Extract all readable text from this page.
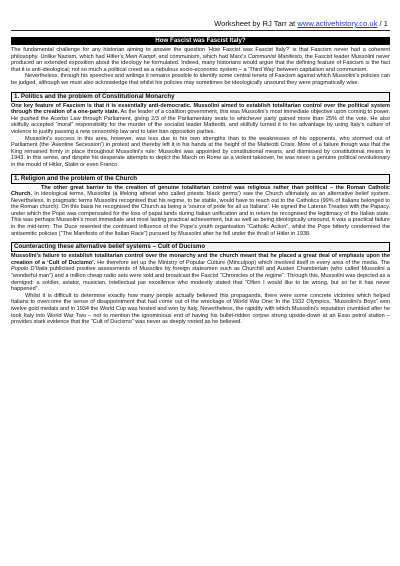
Worksheet by RJ Tarr at www.activehistory.co.uk / 1
How Fascist was Fascist Italy?

The fundamental challenge for any historian aiming to answer the question ‘How Fascist was Fascist Italy?’ is that Fascism never had a coherent philosophy. Unlike Nazism, which had Hitler’s Mein Kampf, and communism, which had Marx’s Communist Manifesto, the Fascist leader Mussolini never produced an extended exposition about the ideology he formulated. Indeed, many historians would argue that the defining feature of Fascism is the fact that it is anti-ideological; not so much a political creed as a nebulous socio-economic system – a ‘Third Way’ between capitalism and communism.

Nevertheless, through his speeches and writings it remains possible to identify some central tenets of Fascism against which Mussolini’s policies can be judged, although we must also acknowledge that whilst his policies may sometimes be ideologically unsound they were pragmatically wise.

1. Politics and the problem of Constitutional Monarchy

One key feature of Fascism is that it is essentially anti-democratic. Mussolini aimed to establish totalitarian control over the political system through the creation of a one-party state. As the leader of a coalition government, this was Mussolini’s most immediate objective upon coming to power. He pushed the Acerbo Law through Parliament, giving 2/3 of the Parliamentary seats to whichever party gained more than 25% of the vote. He also skilfully accepted “moral” responsibility for the murder of the socialist leader Matteotti, and skilfully turned it to his advantage by using Italy’s culture of violence to justify passing a new censorship law and to later ban opposition parties.

Mussolini’s success in this area, however, was less due to his own strengths than to the weaknesses of his opponents, who stormed out of Parliament (the ‘Aventine Secession’) in protest and thereby left it in his hands at the height of the Matteotti Crisis. More of a failure though was that the King remained firmly in place throughout Mussolini’s rule: Mussolini was appointed by constitutional means, and dismissed by constitutional means in 1943. In this sense, and despite his desperate attempts to depict the March on Rome as a violent takeover, he was never a genuine political revolutionary in the mould of Hitler, Stalin or even Franco.

1. Religion and the problem of the Church

The other great barrier to the creation of genuine totalitarian control was religious rather than political – the Roman Catholic Church. In ideological terms, Mussolini (a lifelong atheist who called priests ‘black germs’) saw the Church ultimately as an alternative belief system. Nevertheless, in pragmatic terms Mussolini recognised that his regime, to be stable, would have to reach out to the Catholics (99% of Italians belonged to the Roman church). On this basis he recognised the Church as being a ‘source of pride for all us Italians’. He signed the Lateran Treaties with the Papacy, under which the Pope was compensated for the loss of papal lands during Italian unification and in return he recognised the legitimacy of the Italian state. This was perhaps Mussolini’s most immediate and most lasting practical achievement, but as well as being ideologically unsound, it was a practical failure in the mid-term: The Duce resented the continued influence of the Pope’s youth organisation “Catholic Action”, whilst the Pope bitterly condemned the antisemitic policies (“The Manifesto of the Italian Race”) pursued by Mussolini after he fell under the thrall of Hitler in 1938.

Counteracting these alternative belief systems – Cult of Ducismo

Mussolini’s failure to establish totalitarian control over the monarchy and the church meant that he placed a great deal of emphasis upon the creation of a ‘Cult of Ducismo’. He therefore set up the Ministry of Popular Culture (Minculpop) which involved itself in every area of the media. The Popolo D’Italia publicised positive assessments of Mussolini by foreign statesmen such as Churchill and Austen Chamberlain (who called Mussolini a “wonderful man”) and a million cheap radio sets were sold and broadcast the Fascist “Chronicles of the regime”. Through this, Mussolini was depicted as a demigod: a soldier, aviator, musician, intellectual par excellence who modestly stated that “Often I would like to be wrong, but so far it has never happened”.

Whilst it is difficult to determine exactly how many people actually believed this propaganda, there were some concrete victories which helped Italians to overcome the sense of disappointment that had come out of the wreckage of World War One: In the 1932 Olympics, “Mussolini’s Boys” won twelve gold medals and in 1934 the World Cup was hosted and won by Italy. Nevertheless, the rapidity with which Mussolini’s reputation crumbled after he took Italy into World War Two – not to mention the ignominious end of having his bullet-ridden corpse strung upside-down at an Esso petrol station – provides stark evidence that the “Cult of Ducismo” was never as deeply rooted as he believed.
